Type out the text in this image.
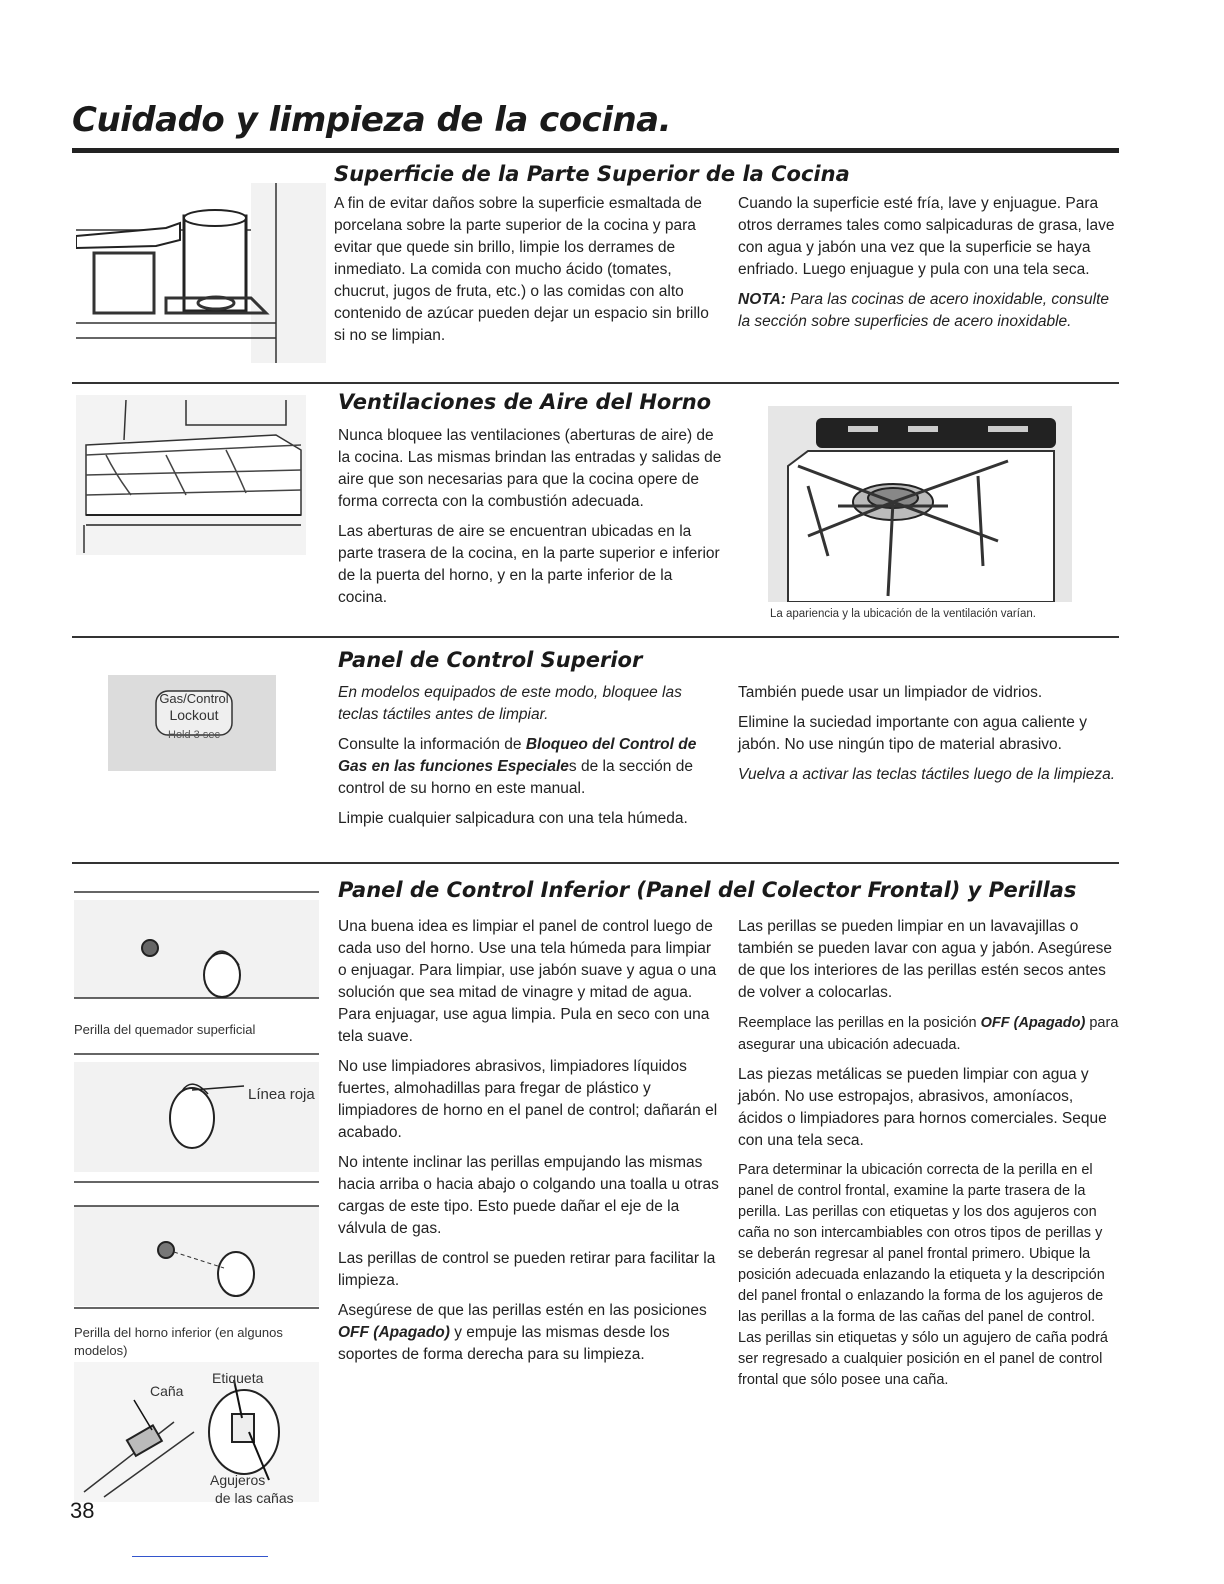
Cuidado y limpieza de la cocina.
Superficie de la Parte Superior de la Cocina
A fin de evitar daños sobre la superficie esmaltada de porcelana sobre la parte superior de la cocina y para evitar que quede sin brillo, limpie los derrames de inmediato. La comida con mucho ácido (tomates, chucrut, jugos de fruta, etc.) o las comidas con alto contenido de azúcar pueden dejar un espacio sin brillo si no se limpian.

Cuando la superficie esté fría, lave y enjuague. Para otros derrames tales como salpicaduras de grasa, lave con agua y jabón una vez que la superficie se haya enfriado. Luego enjuague y pula con una tela seca.

NOTA: Para las cocinas de acero inoxidable, consulte la sección sobre superficies de acero inoxidable.

Ventilaciones de Aire del Horno

Nunca bloquee las ventilaciones (aberturas de aire) de la cocina. Las mismas brindan las entradas y salidas de aire que son necesarias para que la cocina opere de forma correcta con la combustión adecuada.

Las aberturas de aire se encuentran ubicadas en la parte trasera de la cocina, en la parte superior e inferior de la puerta del horno, y en la parte inferior de la cocina.

La apariencia y la ubicación de la ventilación varían.
Gas/Control
Lockout
Hold 3 sec
Panel de Control Superior

En modelos equipados de este modo, bloquee las teclas táctiles antes de limpiar.

Consulte la información de Bloqueo del Control de Gas en las funciones Especiales de la sección de control de su horno en este manual.

Limpie cualquier salpicadura con una tela húmeda.

También puede usar un limpiador de vidrios.

Elimine la suciedad importante con agua caliente y jabón. No use ningún tipo de material abrasivo.

Vuelva a activar las teclas táctiles luego de la limpieza.

Perilla del quemador superficial
Línea roja
Perilla del horno inferior (en algunos modelos)
Caña
Etiqueta
Agujeros
de las cañas
Panel de Control Inferior (Panel del Colector Frontal) y Perillas

Una buena idea es limpiar el panel de control luego de cada uso del horno. Use una tela húmeda para limpiar o enjuagar. Para limpiar, use jabón suave y agua o una solución que sea mitad de vinagre y mitad de agua. Para enjuagar, use agua limpia. Pula en seco con una tela suave.

No use limpiadores abrasivos, limpiadores líquidos fuertes, almohadillas para fregar de plástico y limpiadores de horno en el panel de control; dañarán el acabado.

No intente inclinar las perillas empujando las mismas hacia arriba o hacia abajo o colgando una toalla u otras cargas de este tipo. Esto puede dañar el eje de la válvula de gas.

Las perillas de control se pueden retirar para facilitar la limpieza.

Asegúrese de que las perillas estén en las posiciones OFF (Apagado) y empuje las mismas desde los soportes de forma derecha para su limpieza.

Las perillas se pueden limpiar en un lavavajillas o también se pueden lavar con agua y jabón. Asegúrese de que los interiores de las perillas estén secos antes de volver a colocarlas.

Reemplace las perillas en la posición OFF (Apagado) para asegurar una ubicación adecuada.

Las piezas metálicas se pueden limpiar con agua y jabón. No use estropajos, abrasivos, amoníacos, ácidos o limpiadores para hornos comerciales. Seque con una tela seca.

Para determinar la ubicación correcta de la perilla en el panel de control frontal, examine la parte trasera de la perilla. Las perillas con etiquetas y los dos agujeros con caña no son intercambiables con otros tipos de perillas y se deberán regresar al panel frontal primero. Ubique la posición adecuada enlazando la etiqueta y la descripción del panel frontal o enlazando la forma de los agujeros de las perillas a la forma de las cañas del panel de control. Las perillas sin etiquetas y sólo un agujero de caña podrá ser regresado a cualquier posición en el panel de control frontal que sólo posee una caña.

38
